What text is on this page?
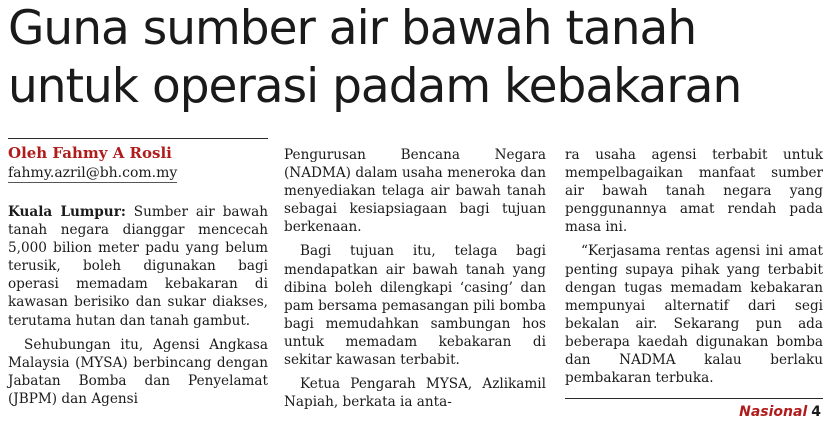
Guna sumber air bawah tanah
untuk operasi padam kebakaran
Oleh Fahmy A Rosli
fahmy.azril@bh.com.my

Kuala Lumpur: Sumber air bawah tanah negara dianggar mencecah 5,000 bilion meter padu yang belum terusik, boleh digunakan bagi operasi memadam kebakaran di kawasan berisiko dan sukar diakses, terutama hutan dan tanah gambut.

Sehubungan itu, Agensi Angkasa Malaysia (MYSA) berbincang dengan Jabatan Bomba dan Penyelamat (JBPM) dan Agensi

Pengurusan Bencana Negara (NADMA) dalam usaha meneroka dan menyediakan telaga air bawah tanah sebagai kesiapsiagaan bagi tujuan berkenaan.

Bagi tujuan itu, telaga bagi mendapatkan air bawah tanah yang dibina boleh dilengkapi ‘casing’ dan pam bersama pemasangan pili bomba bagi memudahkan sambungan hos untuk memadam kebakaran di sekitar kawasan terbabit.

Ketua Pengarah MYSA, Azlikamil Napiah, berkata ia anta-

ra usaha agensi terbabit untuk mempelbagaikan manfaat sumber air bawah tanah negara yang penggunannya amat rendah pada masa ini.

“Kerjasama rentas agensi ini amat penting supaya pihak yang terbabit dengan tugas memadam kebakaran mempunyai alternatif dari segi bekalan air. Sekarang pun ada beberapa kaedah digunakan bomba dan NADMA kalau berlaku pembakaran terbuka.

Nasional 4
